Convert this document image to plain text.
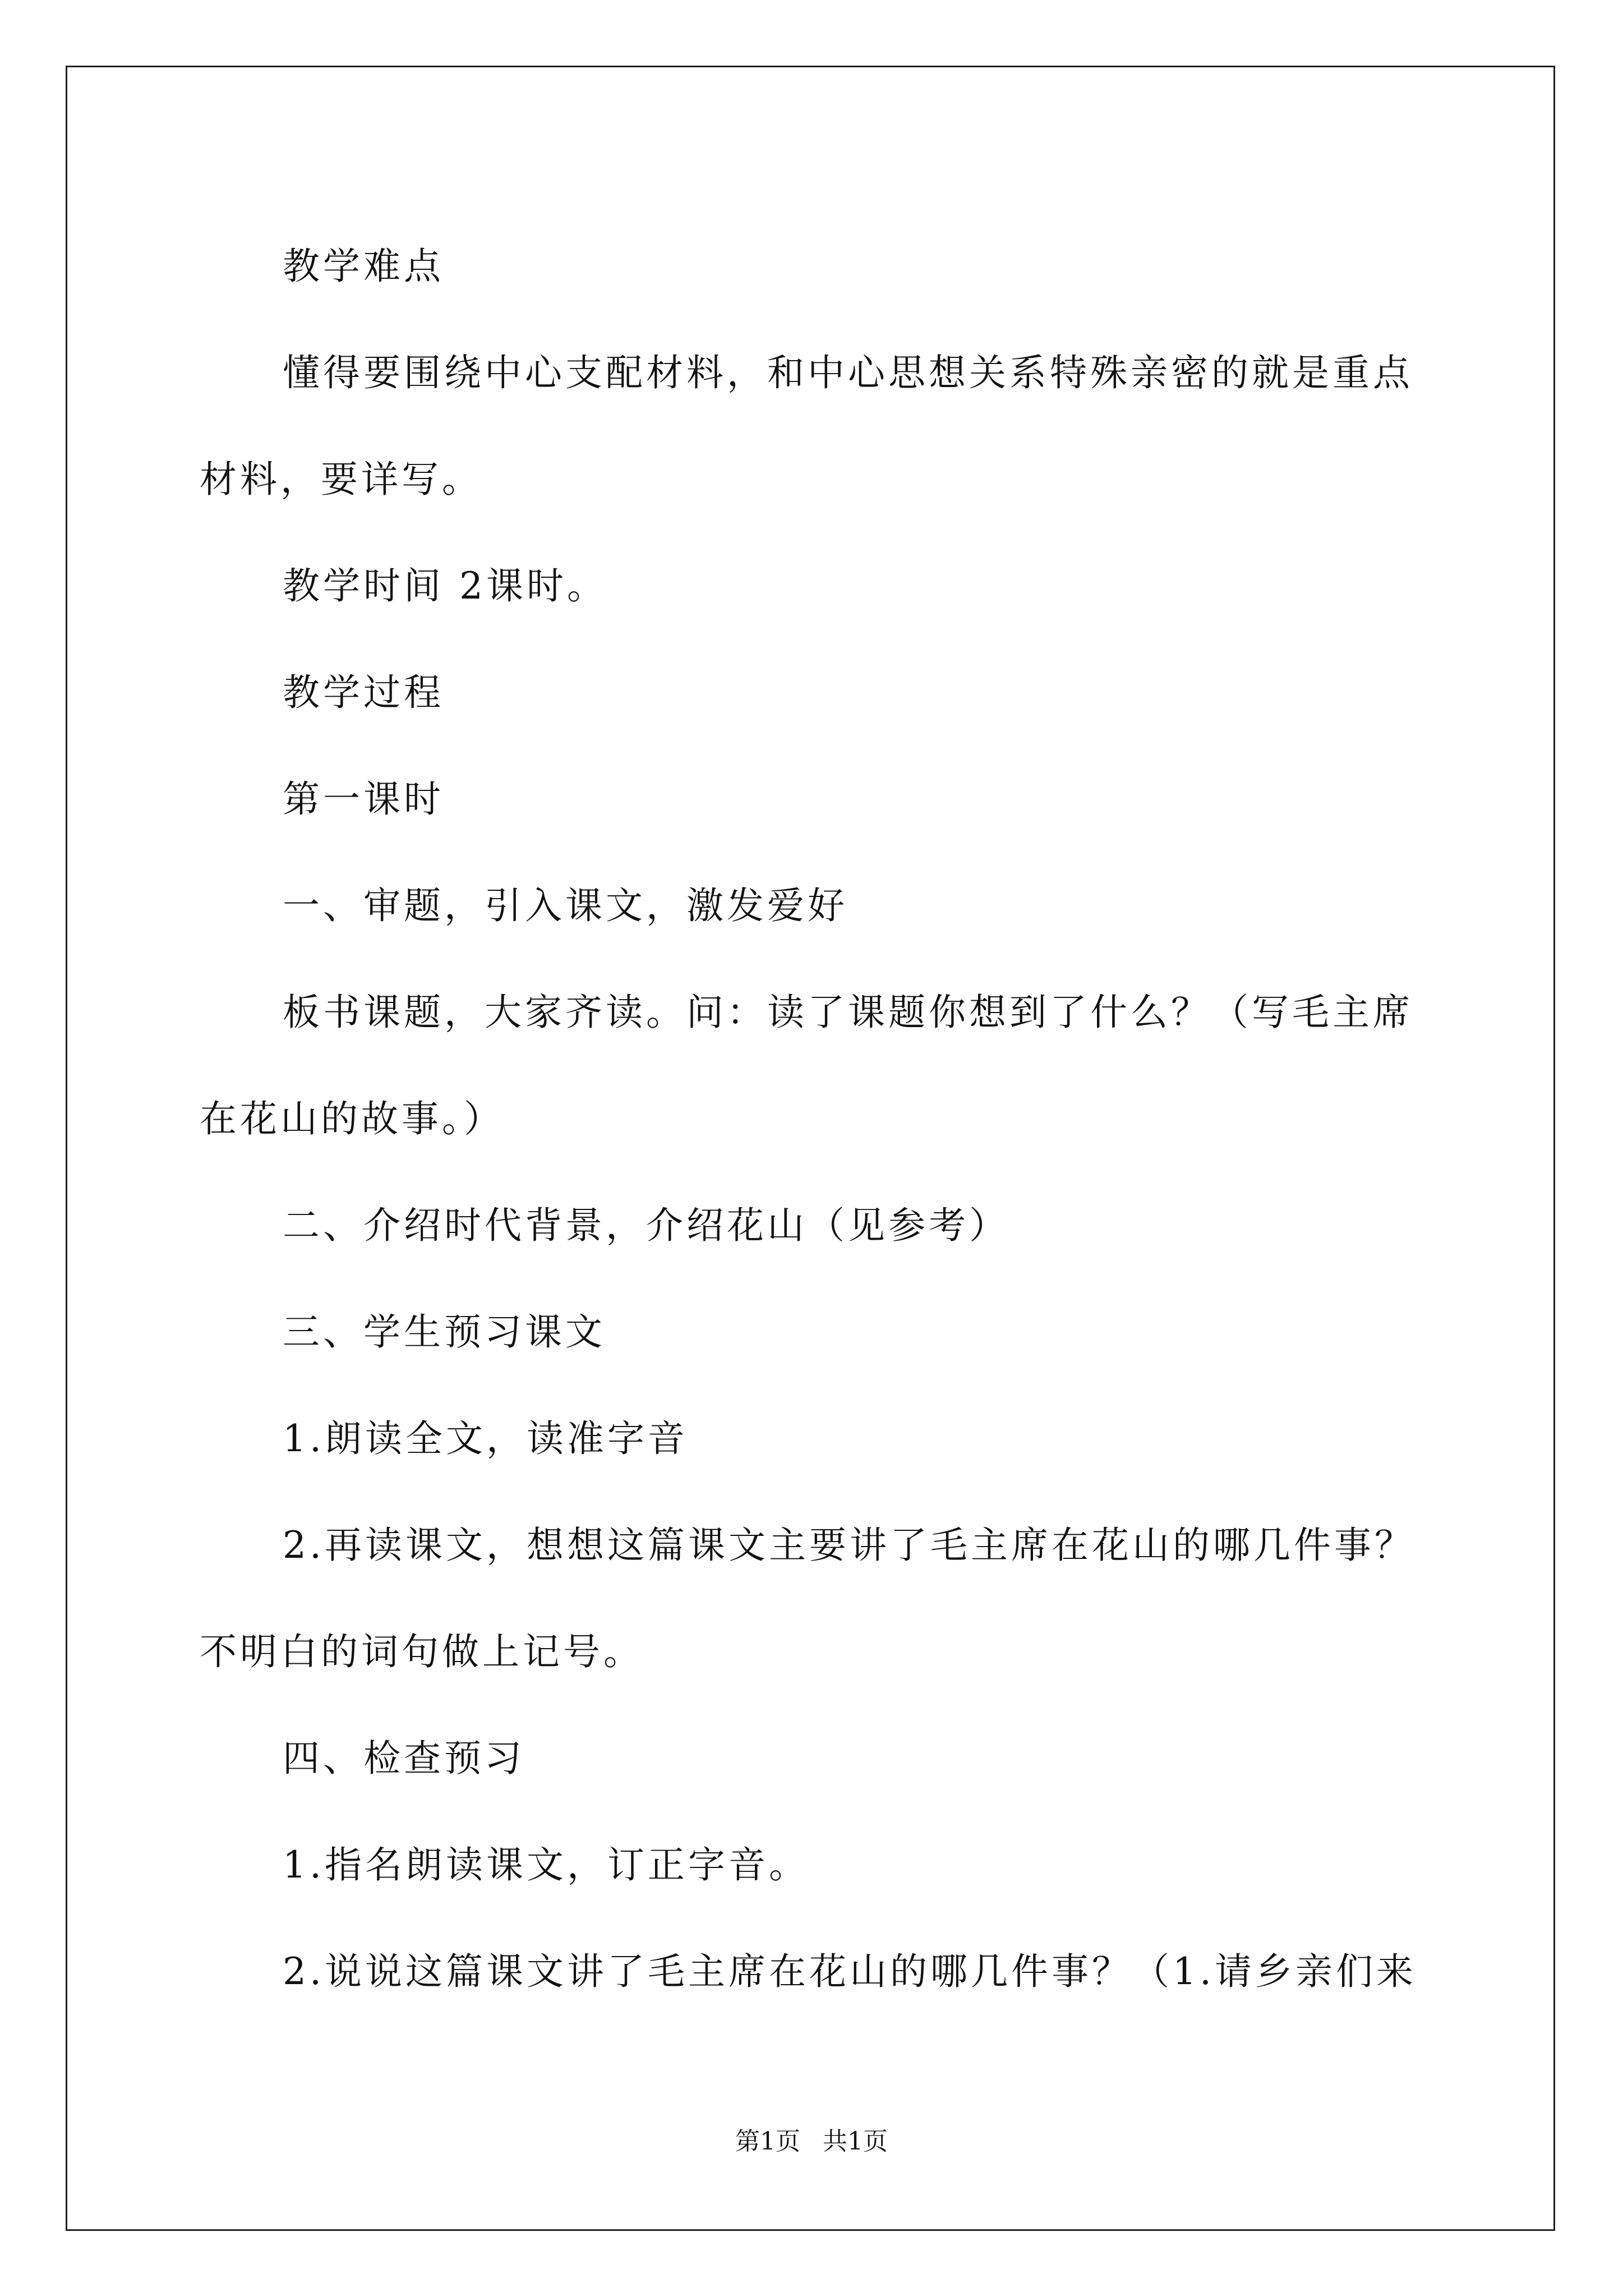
教学难点

懂得要围绕中心支配材料，和中心思想关系特殊亲密的就是重点材料，要详写。

教学时间 2课时。

教学过程

第一课时

一、审题，引入课文，激发爱好

板书课题，大家齐读。问：读了课题你想到了什么？（写毛主席在花山的故事。）

二、介绍时代背景，介绍花山（见参考）

三、学生预习课文

1.朗读全文，读准字音

2.再读课文，想想这篇课文主要讲了毛主席在花山的哪几件事？不明白的词句做上记号。

四、检查预习

1.指名朗读课文，订正字音。

2.说说这篇课文讲了毛主席在花山的哪几件事？（1.请乡亲们来

第1页 共1页
